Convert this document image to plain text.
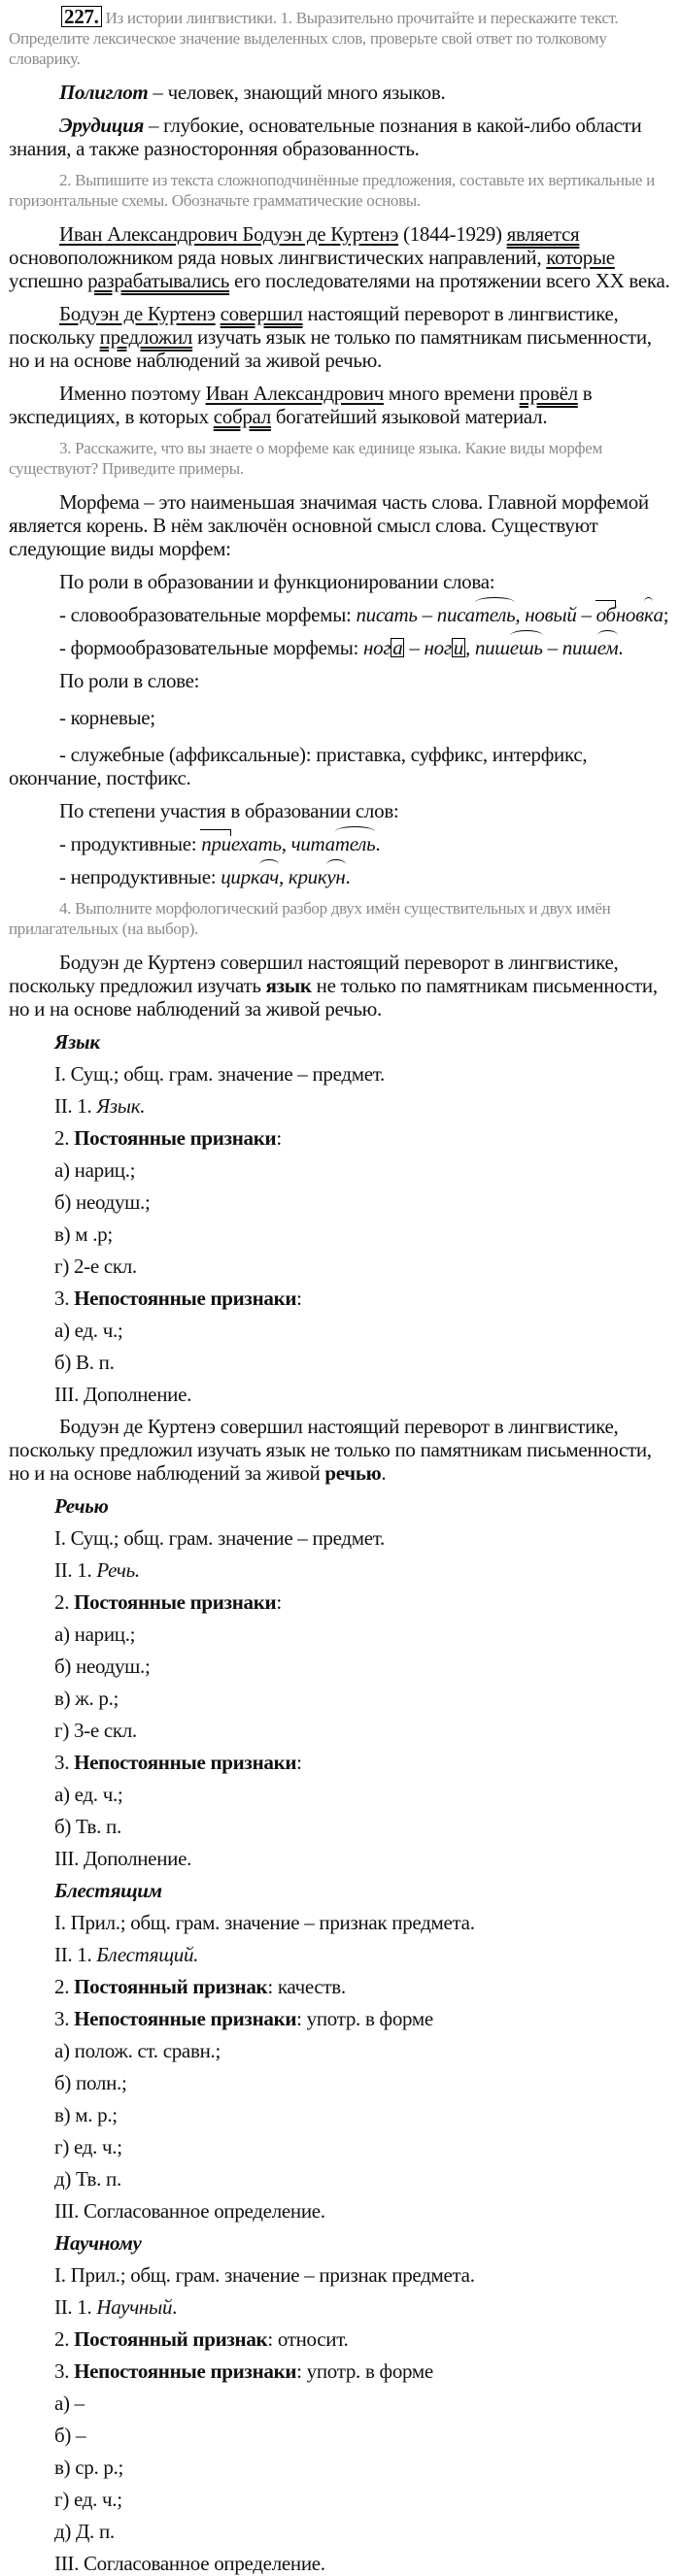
227. Из истории лингвистики. 1. Выразительно прочитайте и перескажите текст. Определите лексическое значение выделенных слов, проверьте свой ответ по толковому словарику.
Полиглот – человек, знающий много языков.
Эрудиция – глубокие, основательные познания в какой-либо области знания, а также разносторонняя образованность.
2. Выпишите из текста сложноподчинённые предложения, составьте их вертикальные и горизонтальные схемы. Обозначьте грамматические основы.
Иван Александрович Бодуэн де Куртенэ (1844-1929) является основоположником ряда новых лингвистических направлений, которые успешно разрабатывались его последователями на протяжении всего XX века.
Бодуэн де Куртенэ совершил настоящий переворот в лингвистике, поскольку предложил изучать язык не только по памятникам письменности, но и на основе наблюдений за живой речью.
Именно поэтому Иван Александрович много времени провёл в экспедициях, в которых собрал богатейший языковой материал.
3. Расскажите, что вы знаете о морфеме как единице языка. Какие виды морфем существуют? Приведите примеры.
Морфема – это наименьшая значимая часть слова. Главной морфемой является корень. В нём заключён основной смысл слова. Существуют следующие виды морфем:
По роли в образовании и функционировании слова:
- словообразовательные морфемы: писать – писатель, новый – обновка;
- формообразовательные морфемы: нога – ноги, пишешь – пишем.
По роли в слове:
- корневые;
- служебные (аффиксальные): приставка, суффикс, интерфикс, окончание, постфикс.
По степени участия в образовании слов:
- продуктивные: приехать, читатель.
- непродуктивные: циркач, крикун.
4. Выполните морфологический разбор двух имён существительных и двух имён прилагательных (на выбор).
Бодуэн де Куртенэ совершил настоящий переворот в лингвистике, поскольку предложил изучать язык не только по памятникам письменности, но и на основе наблюдений за живой речью.
Язык
I. Сущ.; общ. грам. значение – предмет.
II. 1. Язык.
2. Постоянные признаки:
а) нариц.;
б) неодуш.;
в) м .р;
г) 2-е скл.
3. Непостоянные признаки:
а) ед. ч.;
б) В. п.
III. Дополнение.
Бодуэн де Куртенэ совершил настоящий переворот в лингвистике, поскольку предложил изучать язык не только по памятникам письменности, но и на основе наблюдений за живой речью.
Речью
I. Сущ.; общ. грам. значение – предмет.
II. 1. Речь.
2. Постоянные признаки:
а) нариц.;
б) неодуш.;
в) ж. р.;
г) 3-е скл.
3. Непостоянные признаки:
а) ед. ч.;
б) Тв. п.
III. Дополнение.
Блестящим
I. Прил.; общ. грам. значение – признак предмета.
II. 1. Блестящий.
2. Постоянный признак: качеств.
3. Непостоянные признаки: употр. в форме
а) полож. ст. сравн.;
б) полн.;
в) м. р.;
г) ед. ч.;
д) Тв. п.
III. Согласованное определение.
Научному
I. Прил.; общ. грам. значение – признак предмета.
II. 1. Научный.
2. Постоянный признак: относит.
3. Непостоянные признаки: употр. в форме
а) –
б) –
в) ср. р.;
г) ед. ч.;
д) Д. п.
III. Согласованное определение.
